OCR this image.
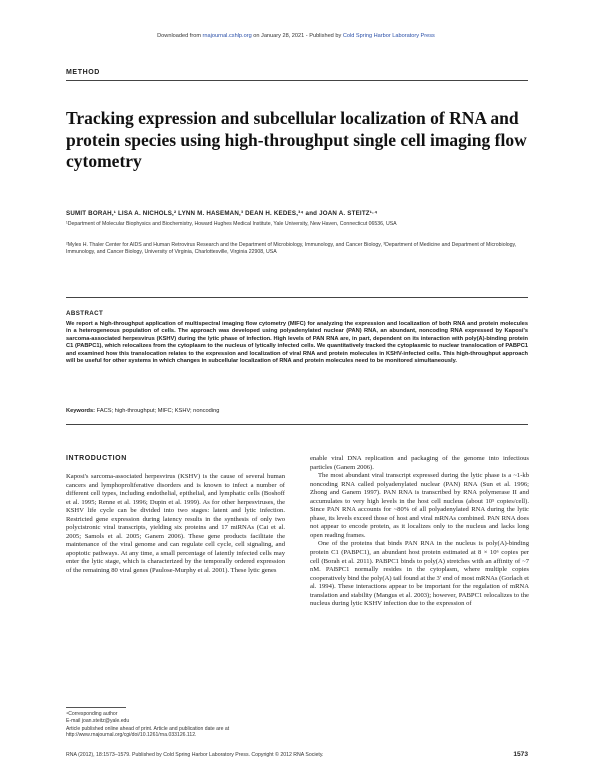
Downloaded from rnajournal.cshlp.org on January 28, 2021 - Published by Cold Spring Harbor Laboratory Press
METHOD
Tracking expression and subcellular localization of RNA and protein species using high-throughput single cell imaging flow cytometry
SUMIT BORAH,¹ LISA A. NICHOLS,² LYNN M. HASEMAN,³ DEAN H. KEDES,³⁴ and JOAN A. STEITZ¹·⁴
¹Department of Molecular Biophysics and Biochemistry, Howard Hughes Medical Institute, Yale University, New Haven, Connecticut 06536, USA
²Myles H. Thaler Center for AIDS and Human Retrovirus Research and the Department of Microbiology, Immunology, and Cancer Biology, ³Department of Medicine and Department of Microbiology, Immunology, and Cancer Biology, University of Virginia, Charlottesville, Virginia 22908, USA
ABSTRACT
We report a high-throughput application of multispectral imaging flow cytometry (MIFC) for analyzing the expression and localization of both RNA and protein molecules in a heterogeneous population of cells. The approach was developed using polyadenylated nuclear (PAN) RNA, an abundant, noncoding RNA expressed by Kaposi's sarcoma-associated herpesvirus (KSHV) during the lytic phase of infection. High levels of PAN RNA are, in part, dependent on its interaction with poly(A)-binding protein C1 (PABPC1), which relocalizes from the cytoplasm to the nucleus of lytically infected cells. We quantitatively tracked the cytoplasmic to nuclear translocation of PABPC1 and examined how this translocation relates to the expression and localization of viral RNA and protein molecules in KSHV-infected cells. This high-throughput approach will be useful for other systems in which changes in subcellular localization of RNA and protein molecules need to be monitored simultaneously.
Keywords: FACS; high-throughput; MIFC; KSHV; noncoding
INTRODUCTION

Kaposi's sarcoma-associated herpesvirus (KSHV) is the cause of several human cancers and lymphoproliferative disorders and is known to infect a number of different cell types, including endothelial, epithelial, and lymphatic cells (Boshoff et al. 1995; Renne et al. 1996; Dupin et al. 1999). As for other herpesviruses, the KSHV life cycle can be divided into two stages: latent and lytic infection. Restricted gene expression during latency results in the synthesis of only two polycistronic viral transcripts, yielding six proteins and 17 miRNAs (Cai et al. 2005; Samols et al. 2005; Ganem 2006). These gene products facilitate the maintenance of the viral genome and can regulate cell cycle, cell signaling, and apoptotic pathways. At any time, a small percentage of latently infected cells may enter the lytic stage, which is characterized by the temporally ordered expression of the remaining 80 viral genes (Paulose-Murphy et al. 2001). These lytic genes

enable viral DNA replication and packaging of the genome into infectious particles (Ganem 2006).

The most abundant viral transcript expressed during the lytic phase is a ~1-kb noncoding RNA called polyadenylated nuclear (PAN) RNA (Sun et al. 1996; Zhong and Ganem 1997). PAN RNA is transcribed by RNA polymerase II and accumulates to very high levels in the host cell nucleus (about 10⁵ copies/cell). Since PAN RNA accounts for ~80% of all polyadenylated RNA during the lytic phase, its levels exceed those of host and viral mRNAs combined. PAN RNA does not appear to encode protein, as it localizes only to the nucleus and lacks long open reading frames.

One of the proteins that binds PAN RNA in the nucleus is poly(A)-binding protein C1 (PABPC1), an abundant host protein estimated at 8 × 10⁶ copies per cell (Borah et al. 2011). PABPC1 binds to poly(A) stretches with an affinity of ~7 nM. PABPC1 normally resides in the cytoplasm, where multiple copies cooperatively bind the poly(A) tail found at the 3′ end of most mRNAs (Gorlach et al. 1994). These interactions appear to be important for the regulation of mRNA translation and stability (Mangus et al. 2003); however, PABPC1 relocalizes to the nucleus during lytic KSHV infection due to the expression of

⁴Corresponding author
E-mail joan.steitz@yale.edu
Article published online ahead of print. Article and publication date are at http://www.rnajournal.org/cgi/doi/10.1261/rna.033126.112.
RNA (2012), 18:1573–1579. Published by Cold Spring Harbor Laboratory Press. Copyright © 2012 RNA Society.	1573
